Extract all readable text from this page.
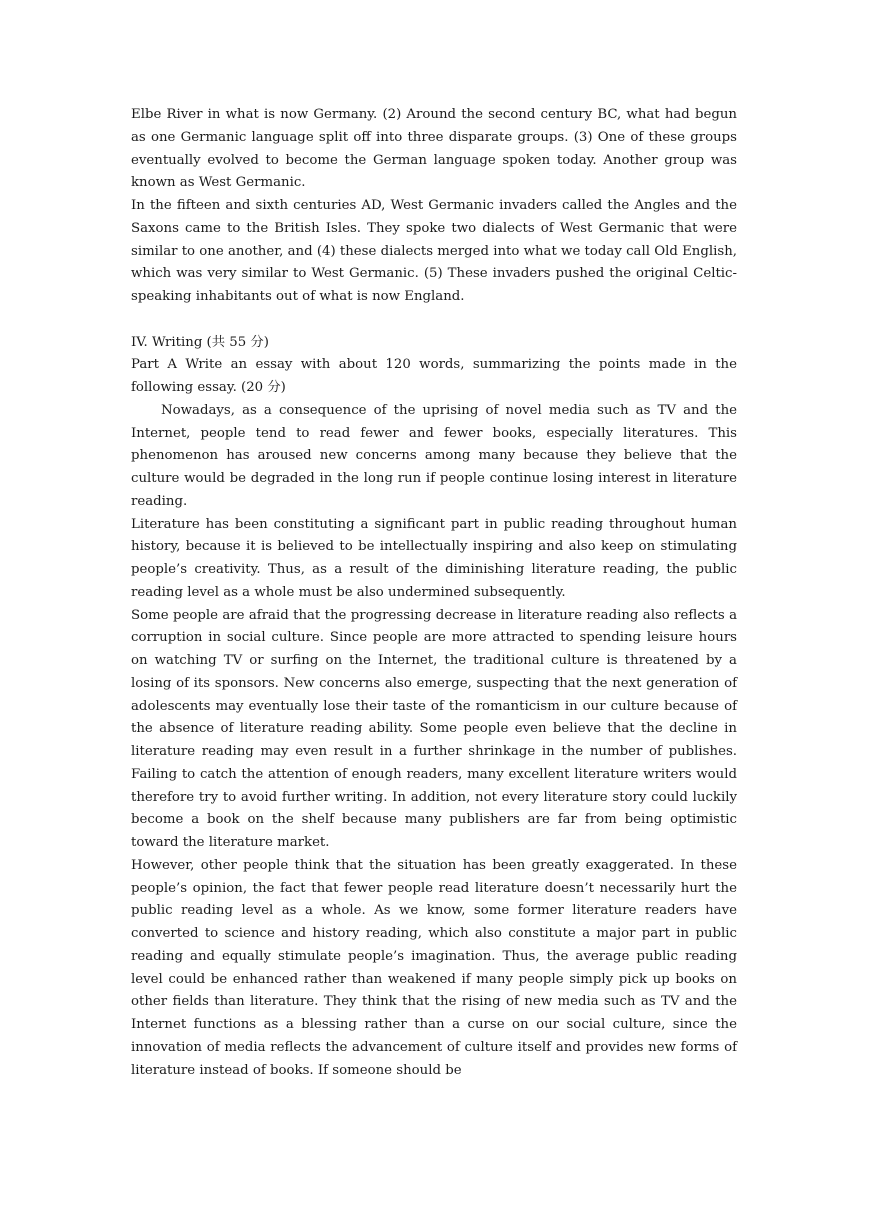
Elbe River in what is now Germany. (2) Around the second century BC, what had begun as one Germanic language split off into three disparate groups. (3) One of these groups eventually evolved to become the German language spoken today. Another group was known as West Germanic.

In the fifteen and sixth centuries AD, West Germanic invaders called the Angles and the Saxons came to the British Isles. They spoke two dialects of West Germanic that were similar to one another, and (4) these dialects merged into what we today call Old English, which was very similar to West Germanic. (5) These invaders pushed the original Celtic-speaking inhabitants out of what is now England.

IV. Writing (共 55 分)

Part A Write an essay with about 120 words, summarizing the points made in the following essay. (20 分)

Nowadays, as a consequence of the uprising of novel media such as TV and the Internet, people tend to read fewer and fewer books, especially literatures. This phenomenon has aroused new concerns among many because they believe that the culture would be degraded in the long run if people continue losing interest in literature reading.

Literature has been constituting a significant part in public reading throughout human history, because it is believed to be intellectually inspiring and also keep on stimulating people’s creativity. Thus, as a result of the diminishing literature reading, the public reading level as a whole must be also undermined subsequently.

Some people are afraid that the progressing decrease in literature reading also reflects a corruption in social culture. Since people are more attracted to spending leisure hours on watching TV or surfing on the Internet, the traditional culture is threatened by a losing of its sponsors. New concerns also emerge, suspecting that the next generation of adolescents may eventually lose their taste of the romanticism in our culture because of the absence of literature reading ability. Some people even believe that the decline in literature reading may even result in a further shrinkage in the number of publishes. Failing to catch the attention of enough readers, many excellent literature writers would therefore try to avoid further writing. In addition, not every literature story could luckily become a book on the shelf because many publishers are far from being optimistic toward the literature market.

However, other people think that the situation has been greatly exaggerated. In these people’s opinion, the fact that fewer people read literature doesn’t necessarily hurt the public reading level as a whole. As we know, some former literature readers have converted to science and history reading, which also constitute a major part in public reading and equally stimulate people’s imagination. Thus, the average public reading level could be enhanced rather than weakened if many people simply pick up books on other fields than literature. They think that the rising of new media such as TV and the Internet functions as a blessing rather than a curse on our social culture, since the innovation of media reflects the advancement of culture itself and provides new forms of literature instead of books. If someone should be
